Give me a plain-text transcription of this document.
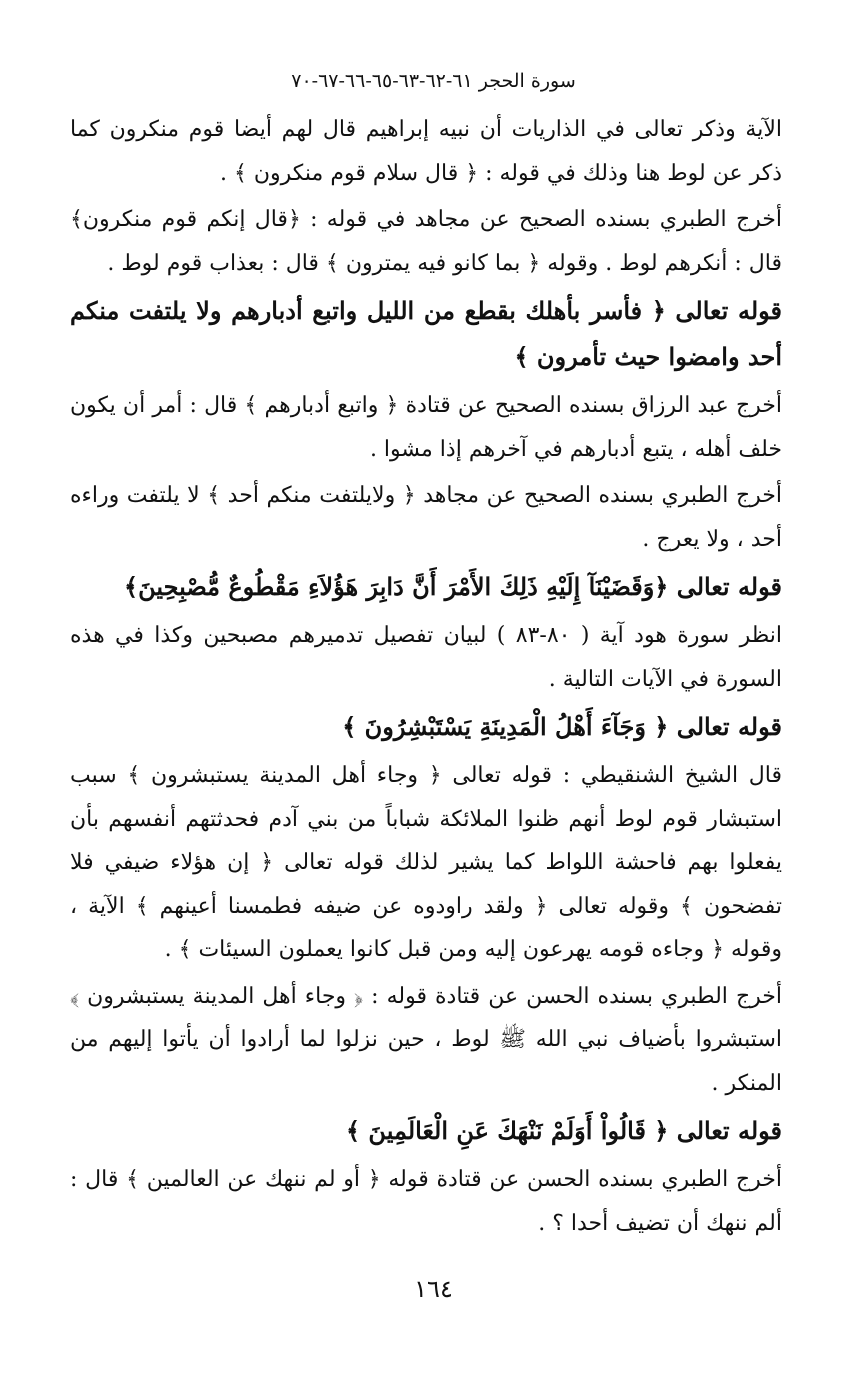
سورة الحجر ٦١-٦٢-٦٣-٦٥-٦٦-٦٧-٧٠

الآية وذكر تعالى في الذاريات أن نبيه إبراهيم قال لهم أيضا قوم منكرون كما ذكر عن لوط هنا وذلك في قوله : ﴿ قال سلام قوم منكرون ﴾ .

أخرج الطبري بسنده الصحيح عن مجاهد في قوله : ﴿قال إنكم قوم منكرون﴾ قال : أنكرهم لوط . وقوله ﴿ بما كانو فيه يمترون ﴾ قال : بعذاب قوم لوط .

قوله تعالى ﴿ فأسر بأهلك بقطع من الليل واتبع أدبارهم ولا يلتفت منكم أحد وامضوا حيث تأمرون ﴾

أخرج عبد الرزاق بسنده الصحيح عن قتادة ﴿ واتبع أدبارهم ﴾ قال : أمر أن يكون خلف أهله ، يتبع أدبارهم في آخرهم إذا مشوا .

أخرج الطبري بسنده الصحيح عن مجاهد ﴿ ولايلتفت منكم أحد ﴾ لا يلتفت وراءه أحد ، ولا يعرج .

قوله تعالى ﴿وَقَضَيْنَآ إِلَيْهِ ذَلِكَ الأَمْرَ أَنَّ دَابِرَ هَؤُلاَءِ مَقْطُوعٌ مُّصْبِحِينَ﴾

انظر سورة هود آية ( ٨٠-٨٣ ) لبيان تفصيل تدميرهم مصبحين وكذا في هذه السورة في الآيات التالية .

قوله تعالى ﴿ وَجَآءَ أَهْلُ الْمَدِينَةِ يَسْتَبْشِرُونَ ﴾

قال الشيخ الشنقيطي : قوله تعالى ﴿ وجاء أهل المدينة يستبشرون ﴾ سبب استبشار قوم لوط أنهم ظنوا الملائكة شباباً من بني آدم فحدثتهم أنفسهم بأن يفعلوا بهم فاحشة اللواط كما يشير لذلك قوله تعالى ﴿ إن هؤلاء ضيفي فلا تفضحون ﴾ وقوله تعالى ﴿ ولقد راودوه عن ضيفه فطمسنا أعينهم ﴾ الآية ، وقوله ﴿ وجاءه قومه يهرعون إليه ومن قبل كانوا يعملون السيئات ﴾ .

أخرج الطبري بسنده الحسن عن قتادة قوله : ﴿ وجاء أهل المدينة يستبشرون ﴾ استبشروا بأضياف نبي الله ﷺ لوط ، حين نزلوا لما أرادوا أن يأتوا إليهم من المنكر .

قوله تعالى ﴿ قَالُواْ أَوَلَمْ نَنْهَكَ عَنِ الْعَالَمِينَ ﴾

أخرج الطبري بسنده الحسن عن قتادة قوله ﴿ أو لم ننهك عن العالمين ﴾ قال : ألم ننهك أن تضيف أحدا ؟ .

١٦٤
